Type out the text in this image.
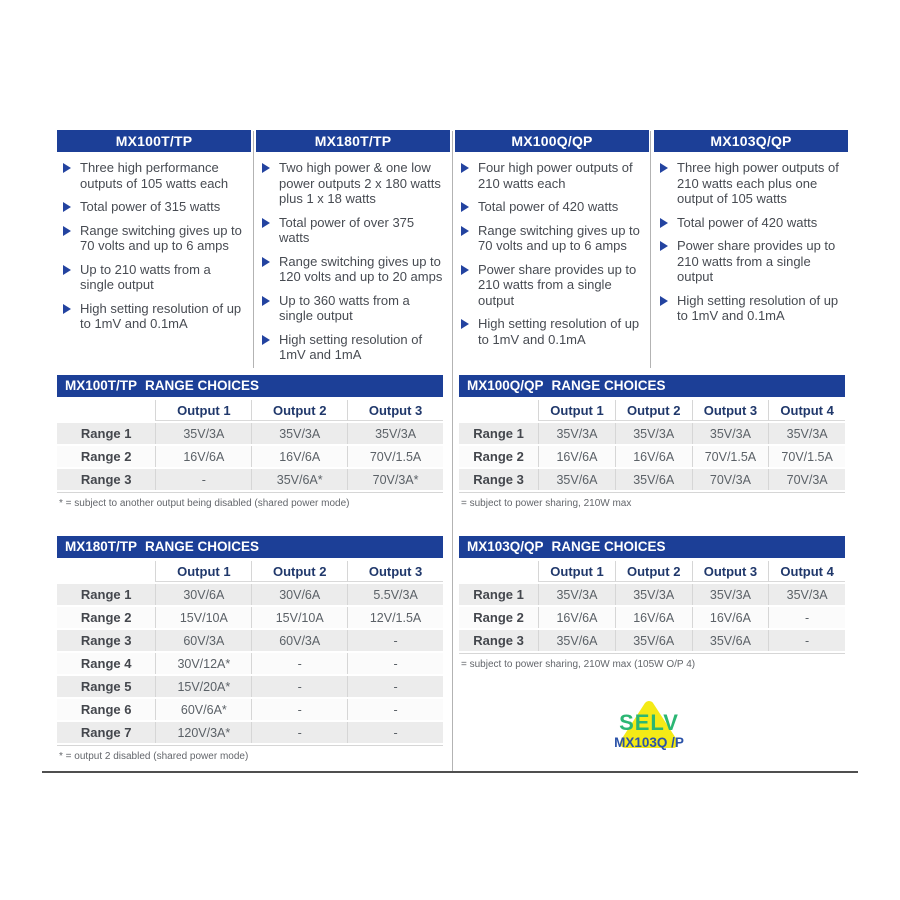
MX100T/TP
Three high performance outputs of 105 watts each
Total power of 315 watts
Range switching gives up to 70 volts and up to 6 amps
Up to 210 watts from a single output
High setting resolution of up to 1mV and 0.1mA
MX180T/TP
Two high power & one low power outputs 2 x 180 watts plus 1 x 18 watts
Total power of over 375 watts
Range switching gives up to 120 volts and up to 20 amps
Up to 360 watts from a single output
High setting resolution of 1mV and 1mA
MX100Q/QP
Four high power outputs of 210 watts each
Total power of 420 watts
Range switching gives up to 70 volts and up to 6 amps
Power share provides up to 210 watts from a single output
High setting resolution of up to 1mV and 0.1mA
MX103Q/QP
Three high power outputs of 210 watts each plus one output of 105 watts
Total power of 420 watts
Power share provides up to 210 watts from a single output
High setting resolution of up to 1mV and 0.1mA
MX100T/TP RANGE CHOICES
	Output 1	Output 2	Output 3
Range 1	35V/3A	35V/3A	35V/3A
Range 2	16V/6A	16V/6A	70V/1.5A
Range 3	-	35V/6A*	70V/3A*
* = subject to another output being disabled (shared power mode)
MX100Q/QP RANGE CHOICES
	Output 1	Output 2	Output 3	Output 4
Range 1	35V/3A	35V/3A	35V/3A	35V/3A
Range 2	16V/6A	16V/6A	70V/1.5A	70V/1.5A
Range 3	35V/6A	35V/6A	70V/3A	70V/3A
= subject to power sharing, 210W max
MX180T/TP RANGE CHOICES
	Output 1	Output 2	Output 3
Range 1	30V/6A	30V/6A	5.5V/3A
Range 2	15V/10A	15V/10A	12V/1.5A
Range 3	60V/3A	60V/3A	-
Range 4	30V/12A*	-	-
Range 5	15V/20A*	-	-
Range 6	60V/6A*	-	-
Range 7	120V/3A*	-	-
* = output 2 disabled (shared power mode)
MX103Q/QP RANGE CHOICES
	Output 1	Output 2	Output 3	Output 4
Range 1	35V/3A	35V/3A	35V/3A	35V/3A
Range 2	16V/6A	16V/6A	16V/6A	-
Range 3	35V/6A	35V/6A	35V/6A	-
= subject to power sharing, 210W max (105W O/P 4)
SELV
MX103Q /P
